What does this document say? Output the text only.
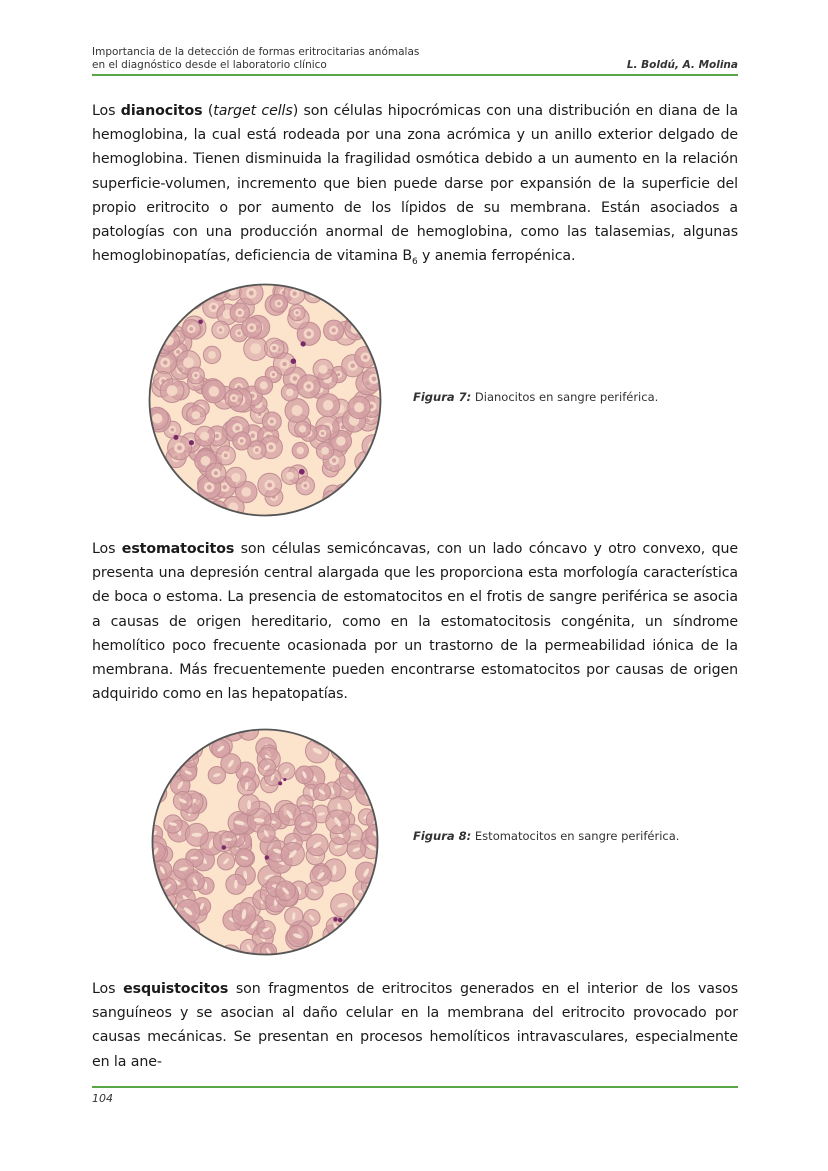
Importancia de la detección de formas eritrocitarias anómalas
en el diagnóstico desde el laboratorio clínico	L. Boldú, A. Molina
Los dianocitos (target cells) son células hipocrómicas con una distribución en diana de la hemoglobina, la cual está rodeada por una zona acrómica y un anillo exterior delgado de hemoglobina. Tienen disminuida la fragilidad osmótica debido a un aumento en la relación superficie-volumen, incremento que bien puede darse por expansión de la superficie del propio eritrocito o por aumento de los lípidos de su membrana. Están asociados a patologías con una producción anormal de hemoglobina, como las talasemias, algunas hemoglobinopatías, deficiencia de vitamina $B_6$ y anemia ferropénica.
Figura 7: Dianocitos en sangre periférica.
Los estomatocitos son células semicóncavas, con un lado cóncavo y otro convexo, que presenta una depresión central alargada que les proporciona esta morfología característica de boca o estoma. La presencia de estomatocitos en el frotis de sangre periférica se asocia a causas de origen hereditario, como en la estomatocitosis congénita, un síndrome hemolítico poco frecuente ocasionada por un trastorno de la permeabilidad iónica de la membrana. Más frecuentemente pueden encontrarse estomatocitos por causas de origen adquirido como en las hepatopatías.
Figura 8: Estomatocitos en sangre periférica.
Los esquistocitos son fragmentos de eritrocitos generados en el interior de los vasos sanguíneos y se asocian al daño celular en la membrana del eritrocito provocado por causas mecánicas. Se presentan en procesos hemolíticos intravasculares, especialmente en la ane-
104
